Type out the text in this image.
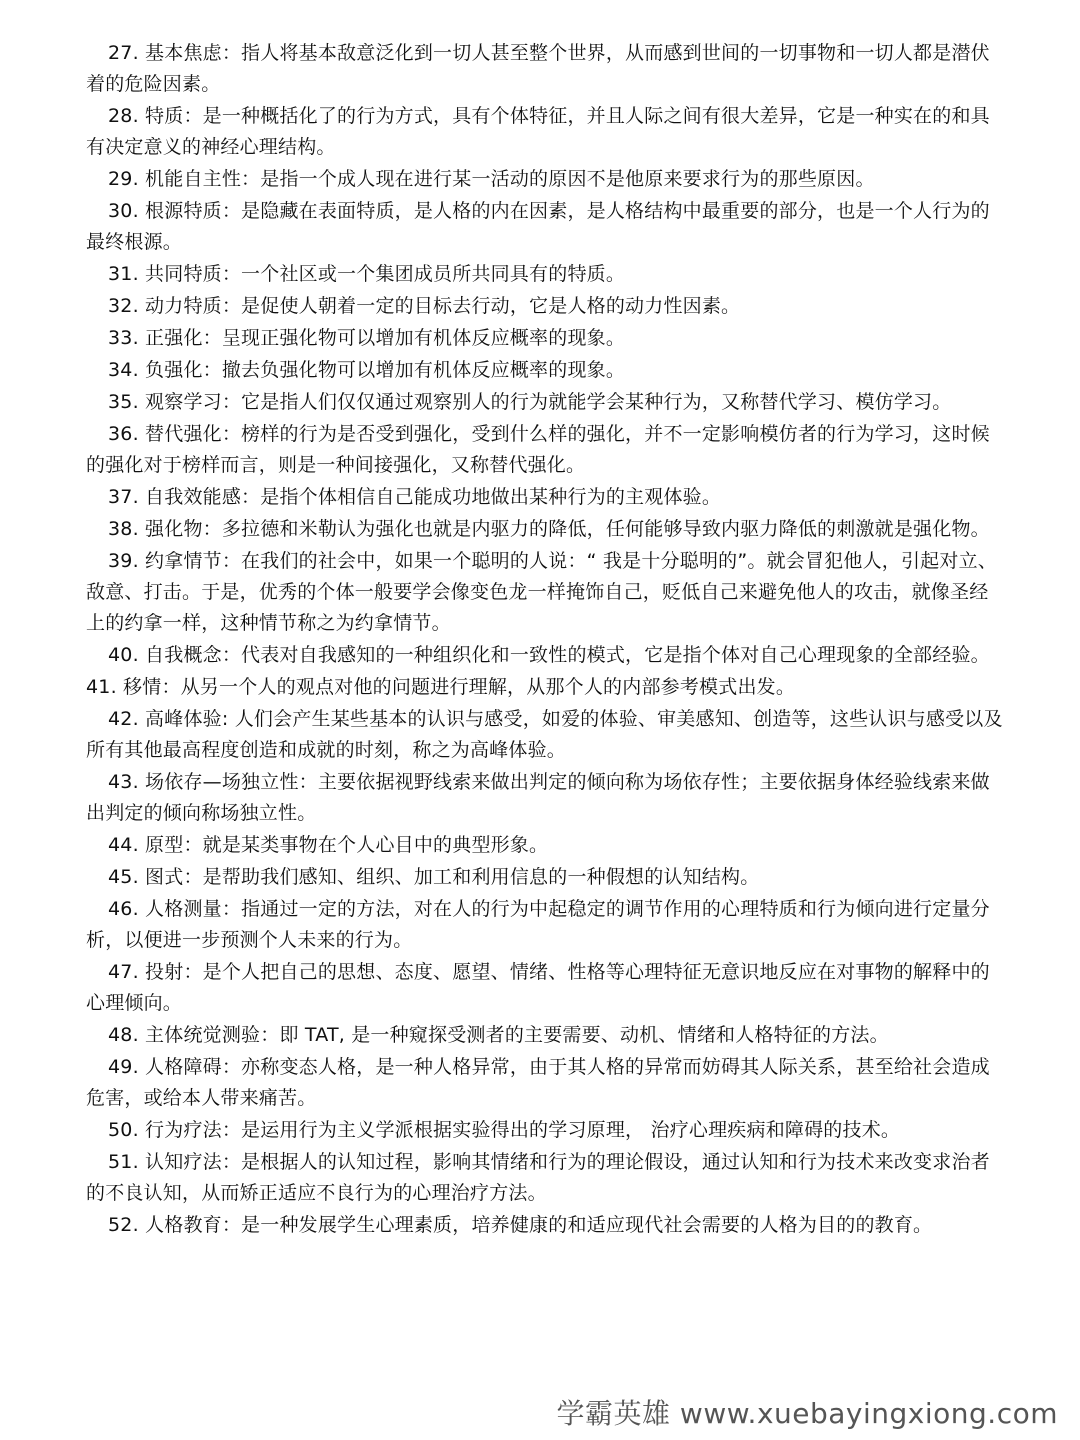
27. 基本焦虑：指人将基本敌意泛化到一切人甚至整个世界，从而感到世间的一切事物和一切人都是潜伏着的危险因素。

28. 特质：是一种概括化了的行为方式，具有个体特征，并且人际之间有很大差异，它是一种实在的和具有决定意义的神经心理结构。

29. 机能自主性：是指一个成人现在进行某一活动的原因不是他原来要求行为的那些原因。

30. 根源特质：是隐藏在表面特质，是人格的内在因素，是人格结构中最重要的部分，也是一个人行为的最终根源。

31. 共同特质：一个社区或一个集团成员所共同具有的特质。

32. 动力特质：是促使人朝着一定的目标去行动，它是人格的动力性因素。

33. 正强化：呈现正强化物可以增加有机体反应概率的现象。

34. 负强化：撤去负强化物可以增加有机体反应概率的现象。

35. 观察学习：它是指人们仅仅通过观察别人的行为就能学会某种行为，又称替代学习、模仿学习。

36. 替代强化：榜样的行为是否受到强化，受到什么样的强化，并不一定影响模仿者的行为学习，这时候的强化对于榜样而言，则是一种间接强化，又称替代强化。

37. 自我效能感：是指个体相信自己能成功地做出某种行为的主观体验。

38. 强化物：多拉德和米勒认为强化也就是内驱力的降低，任何能够导致内驱力降低的刺激就是强化物。

39. 约拿情节：在我们的社会中，如果一个聪明的人说：“ 我是十分聪明的”。就会冒犯他人，引起对立、敌意、打击。于是，优秀的个体一般要学会像变色龙一样掩饰自己，贬低自己来避免他人的攻击，就像圣经上的约拿一样，这种情节称之为约拿情节。

40. 自我概念：代表对自我感知的一种组织化和一致性的模式，它是指个体对自己心理现象的全部经验。

41. 移情：从另一个人的观点对他的问题进行理解，从那个人的内部参考模式出发。

42. 高峰体验: 人们会产生某些基本的认识与感受，如爱的体验、审美感知、创造等，这些认识与感受以及所有其他最高程度创造和成就的时刻，称之为高峰体验。

43. 场依存—场独立性：主要依据视野线索来做出判定的倾向称为场依存性；主要依据身体经验线索来做出判定的倾向称场独立性。

44. 原型：就是某类事物在个人心目中的典型形象。

45. 图式：是帮助我们感知、组织、加工和利用信息的一种假想的认知结构。

46. 人格测量：指通过一定的方法，对在人的行为中起稳定的调节作用的心理特质和行为倾向进行定量分析，以便进一步预测个人未来的行为。

47. 投射：是个人把自己的思想、态度、愿望、情绪、性格等心理特征无意识地反应在对事物的解释中的心理倾向。

48. 主体统觉测验：即 TAT, 是一种窥探受测者的主要需要、动机、情绪和人格特征的方法。

49. 人格障碍：亦称变态人格，是一种人格异常，由于其人格的异常而妨碍其人际关系，甚至给社会造成危害，或给本人带来痛苦。

50. 行为疗法：是运用行为主义学派根据实验得出的学习原理， 治疗心理疾病和障碍的技术。

51. 认知疗法：是根据人的认知过程，影响其情绪和行为的理论假设，通过认知和行为技术来改变求治者的不良认知，从而矫正适应不良行为的心理治疗方法。

52. 人格教育：是一种发展学生心理素质，培养健康的和适应现代社会需要的人格为目的的教育。

学霸英雄 www.xuebayingxiong.com
